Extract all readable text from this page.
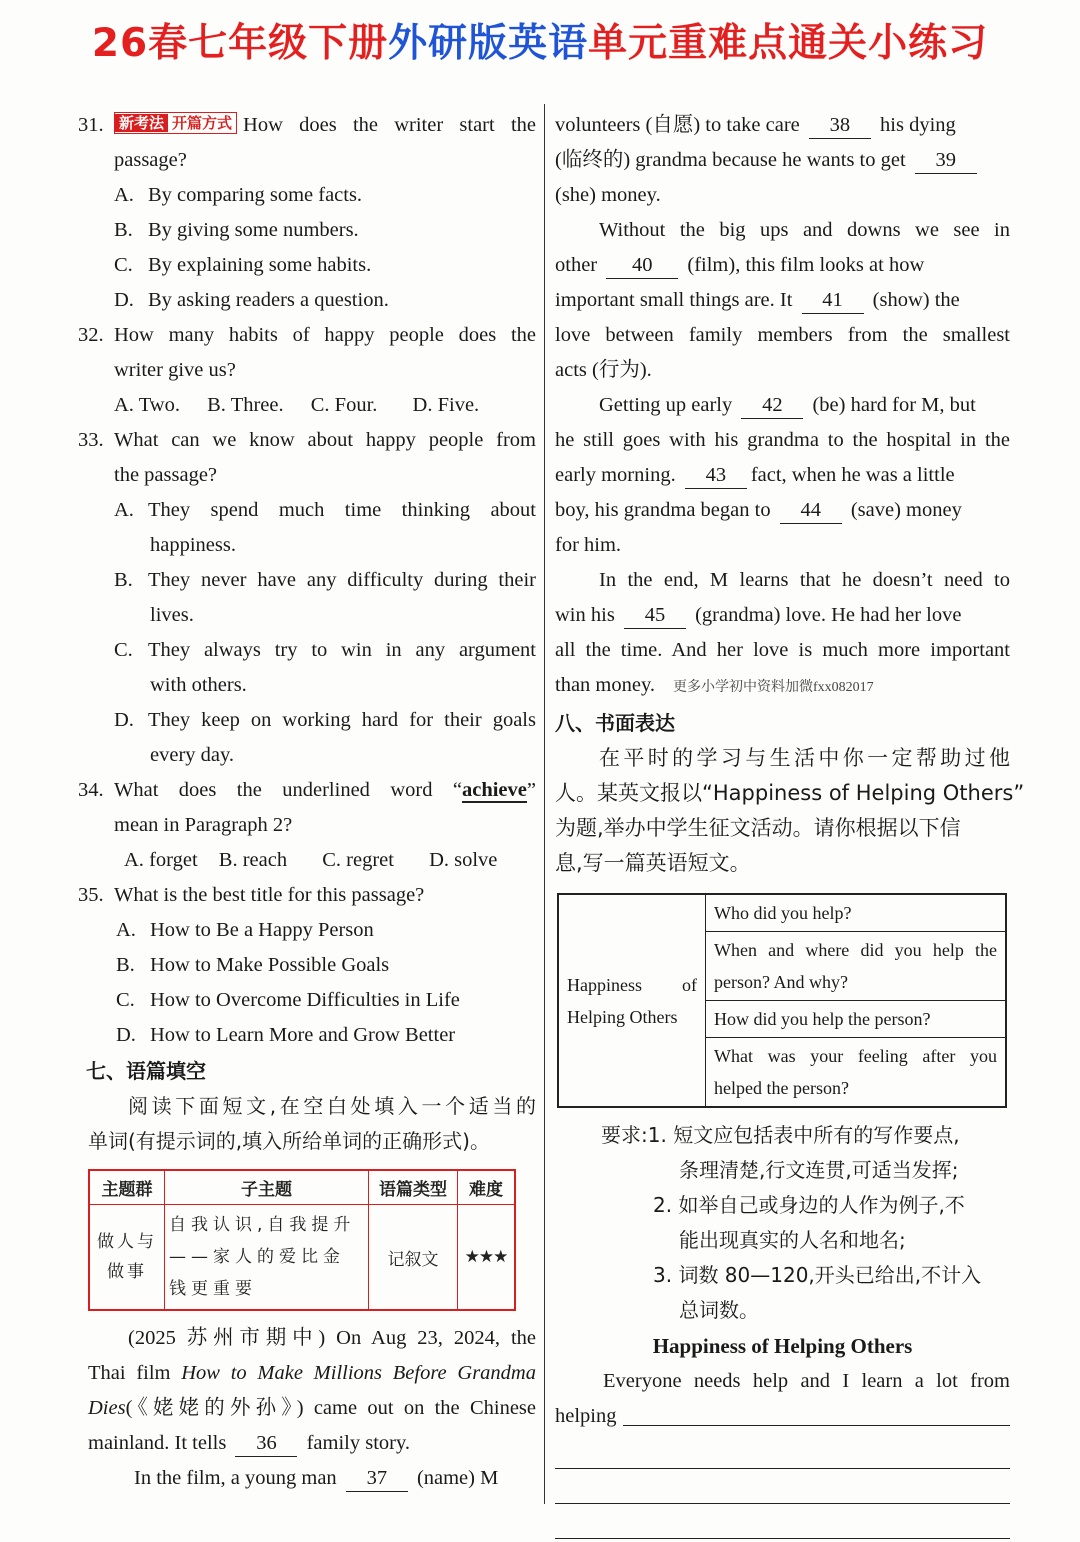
26春七年级下册外研版英语单元重难点通关小练习
31.	新考法 开篇方式 How does the writer start the
passage?
A. By comparing some facts.
B. By giving some numbers.
C. By explaining some habits.
D. By asking readers a question.
32. How many habits of happy people does the
writer give us?
A. Two. B. Three. C. Four. D. Five.
33. What can we know about happy people from
the passage?
A. They spend much time thinking about
happiness.
B. They never have any difficulty during their
lives.
C. They always try to win in any argument
with others.
D. They keep on working hard for their goals
every day.
34. What does the underlined word “achieve”
mean in Paragraph 2?
A. forget B. reach C. regret D. solve
35. What is the best title for this passage?
A. How to Be a Happy Person
B. How to Make Possible Goals
C. How to Overcome Difficulties in Life
D. How to Learn More and Grow Better
七、语篇填空
阅读下面短文,在空白处填入一个适当的
单词(有提示词的,填入所给单词的正确形式)。
主题群	子主题	语篇类型	难度
做人与做事	自我认识,自我提升——家人的爱比金钱更重要	记叙文	★★★
(2025 苏州市期中) On Aug 23, 2024, the
Thai film How to Make Millions Before Grandma
Dies(《姥姥的外孙》) came out on the Chinese
mainland. It tells 36 family story.
In the film, a young man 37 (name) M
volunteers (自愿) to take care 38 his dying
(临终的) grandma because he wants to get 39
(she) money.
Without the big ups and downs we see in
other 40 (film), this film looks at how
important small things are. It 41 (show) the
love between family members from the smallest
acts (行为).
Getting up early 42 (be) hard for M, but
he still goes with his grandma to the hospital in the
early morning. 43 fact, when he was a little
boy, his grandma began to 44 (save) money
for him.
In the end, M learns that he doesn’t need to
win his 45 (grandma) love. He had her love
all the time. And her love is much more important
than money. 更多小学初中资料加微fxx082017
八、书面表达
在平时的学习与生活中你一定帮助过他
人。某英文报以“Happiness of Helping Others”
为题,举办中学生征文活动。请你根据以下信
息,写一篇英语短文。
Happiness of
Helping Others
	Who did you help?

When and where did you help the
person? And why?

How did you help the person?

What was your feeling after you
helped the person?
要求:1. 短文应包括表中所有的写作要点,
条理清楚,行文连贯,可适当发挥;
2. 如举自己或身边的人作为例子,不
能出现真实的人名和地名;
3. 词数 80—120,开头已给出,不计入
总词数。
Happiness of Helping Others
Everyone needs help and I learn a lot from
helping
